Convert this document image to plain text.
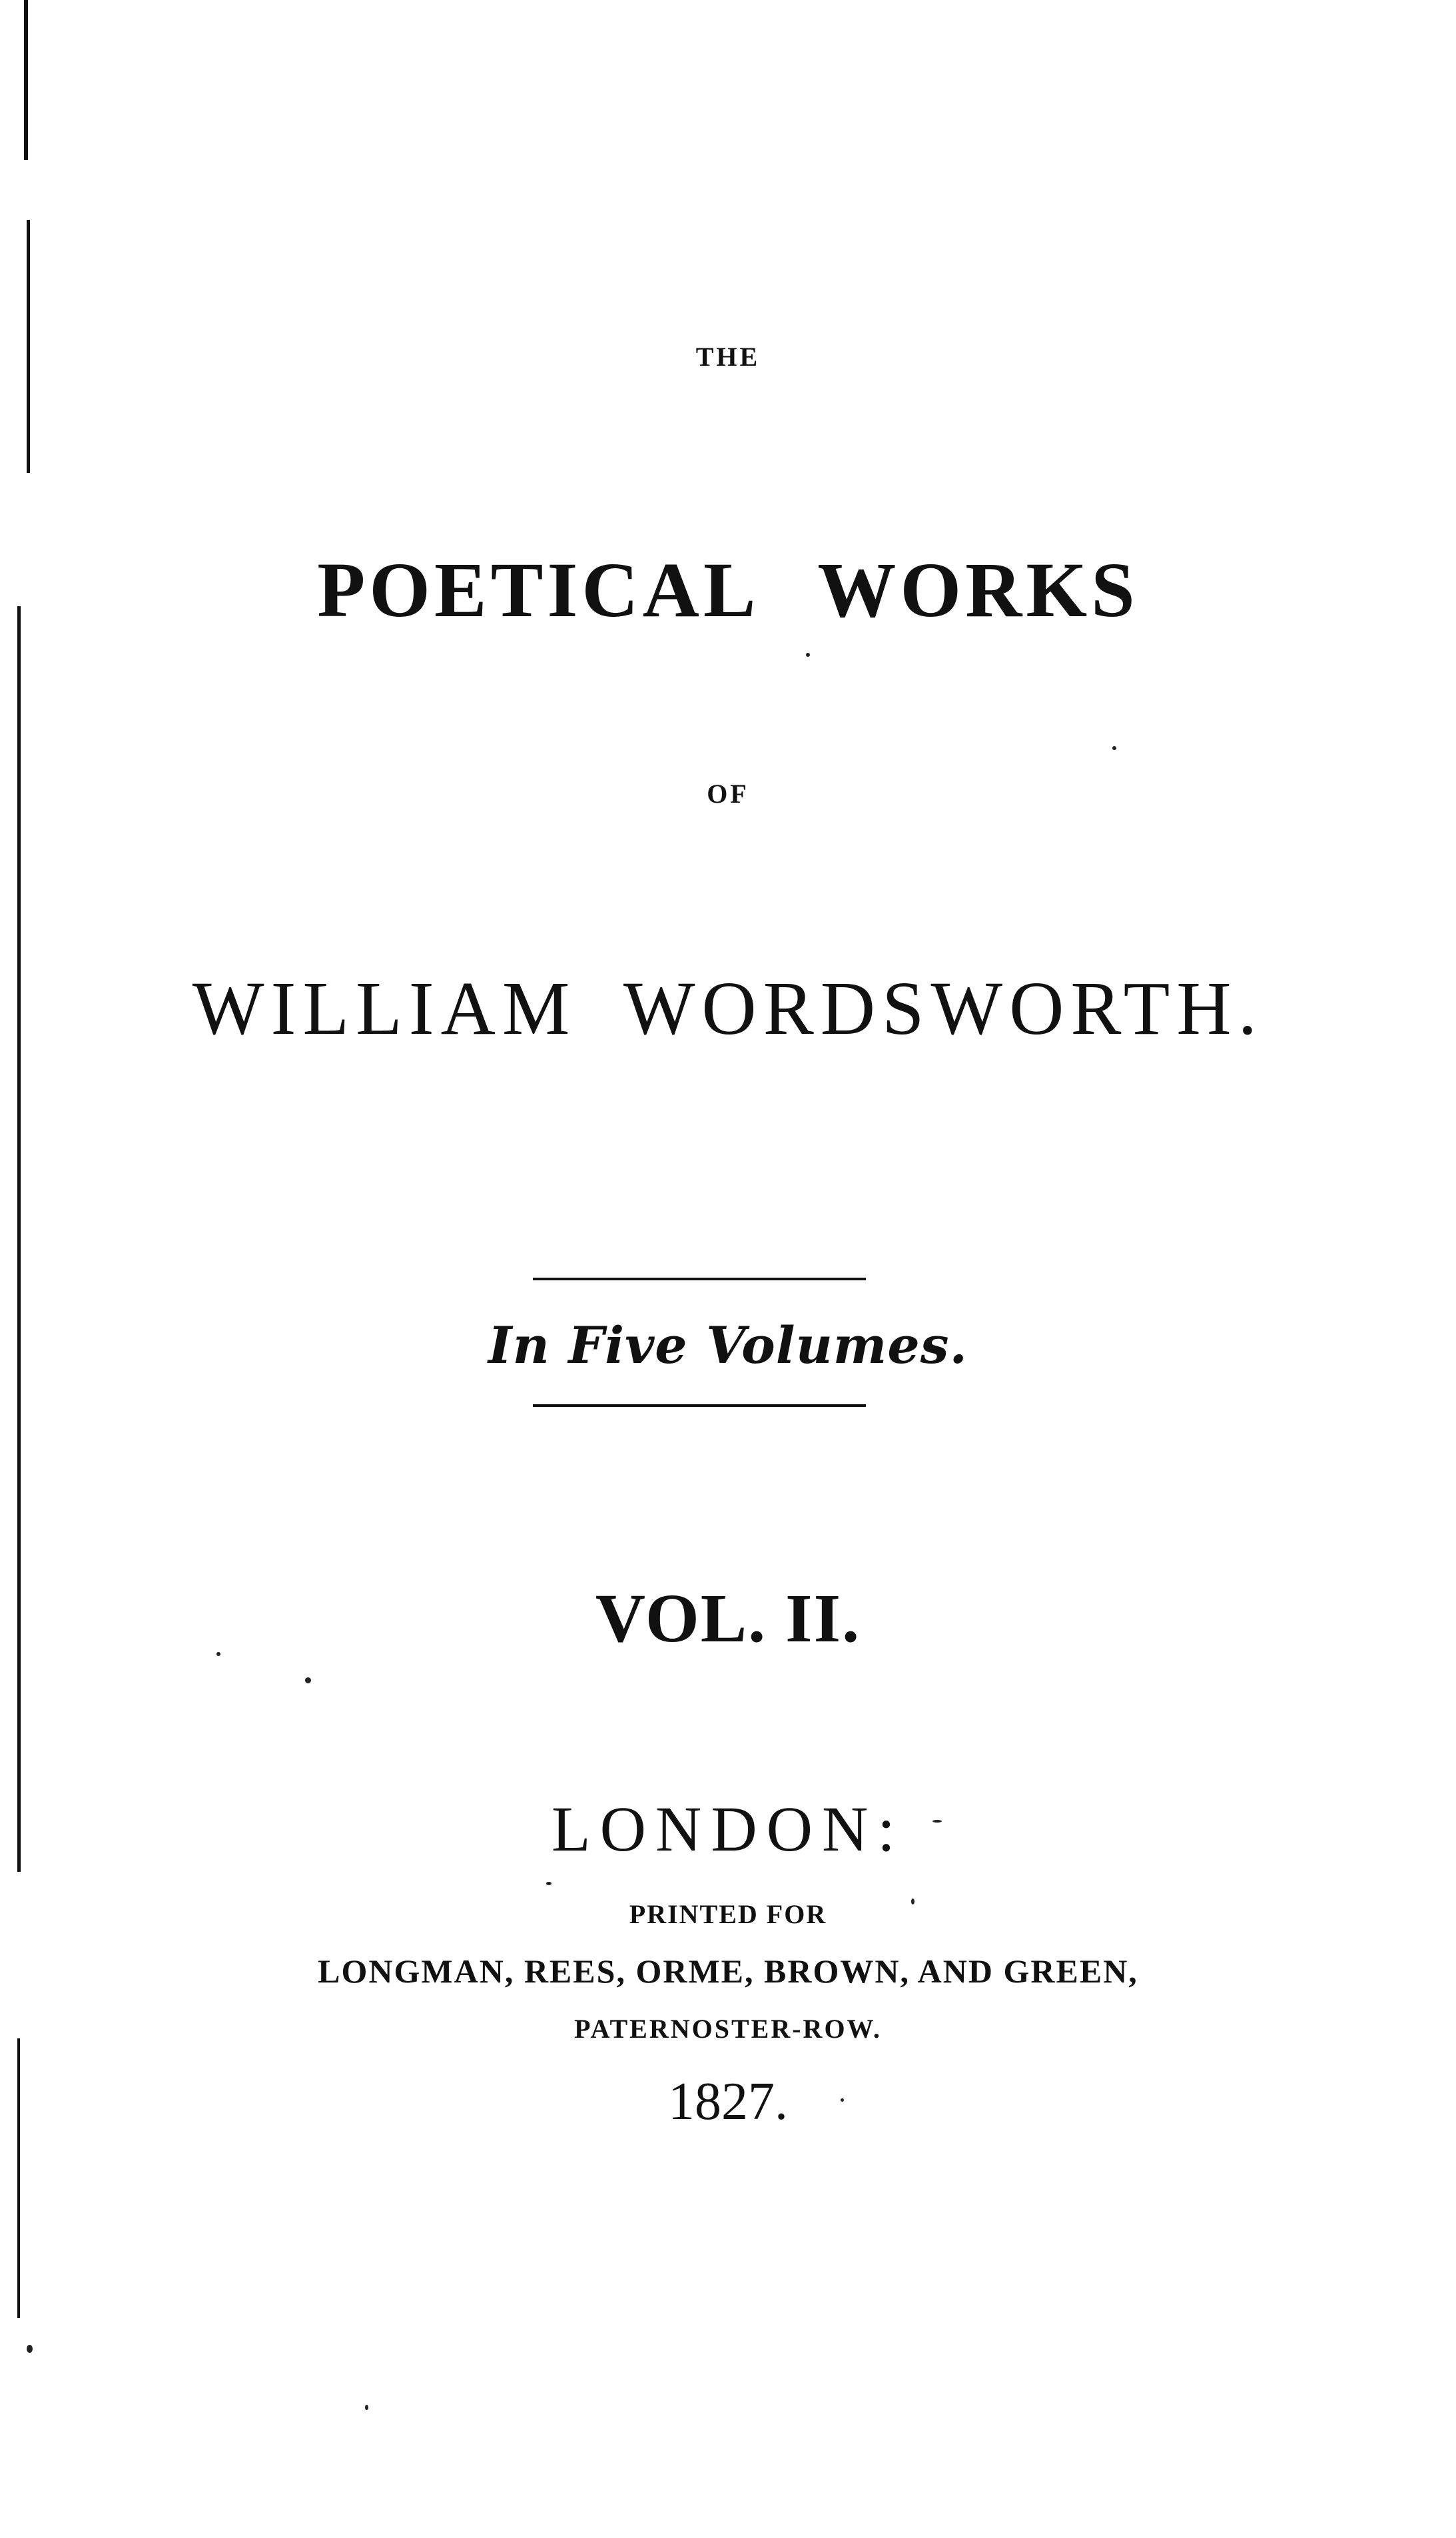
THE
POETICAL WORKS
OF
WILLIAM WORDSWORTH.
In Five Volumes.
VOL. II.
LONDON:
PRINTED FOR
LONGMAN, REES, ORME, BROWN, AND GREEN,
PATERNOSTER-ROW.
1827.
